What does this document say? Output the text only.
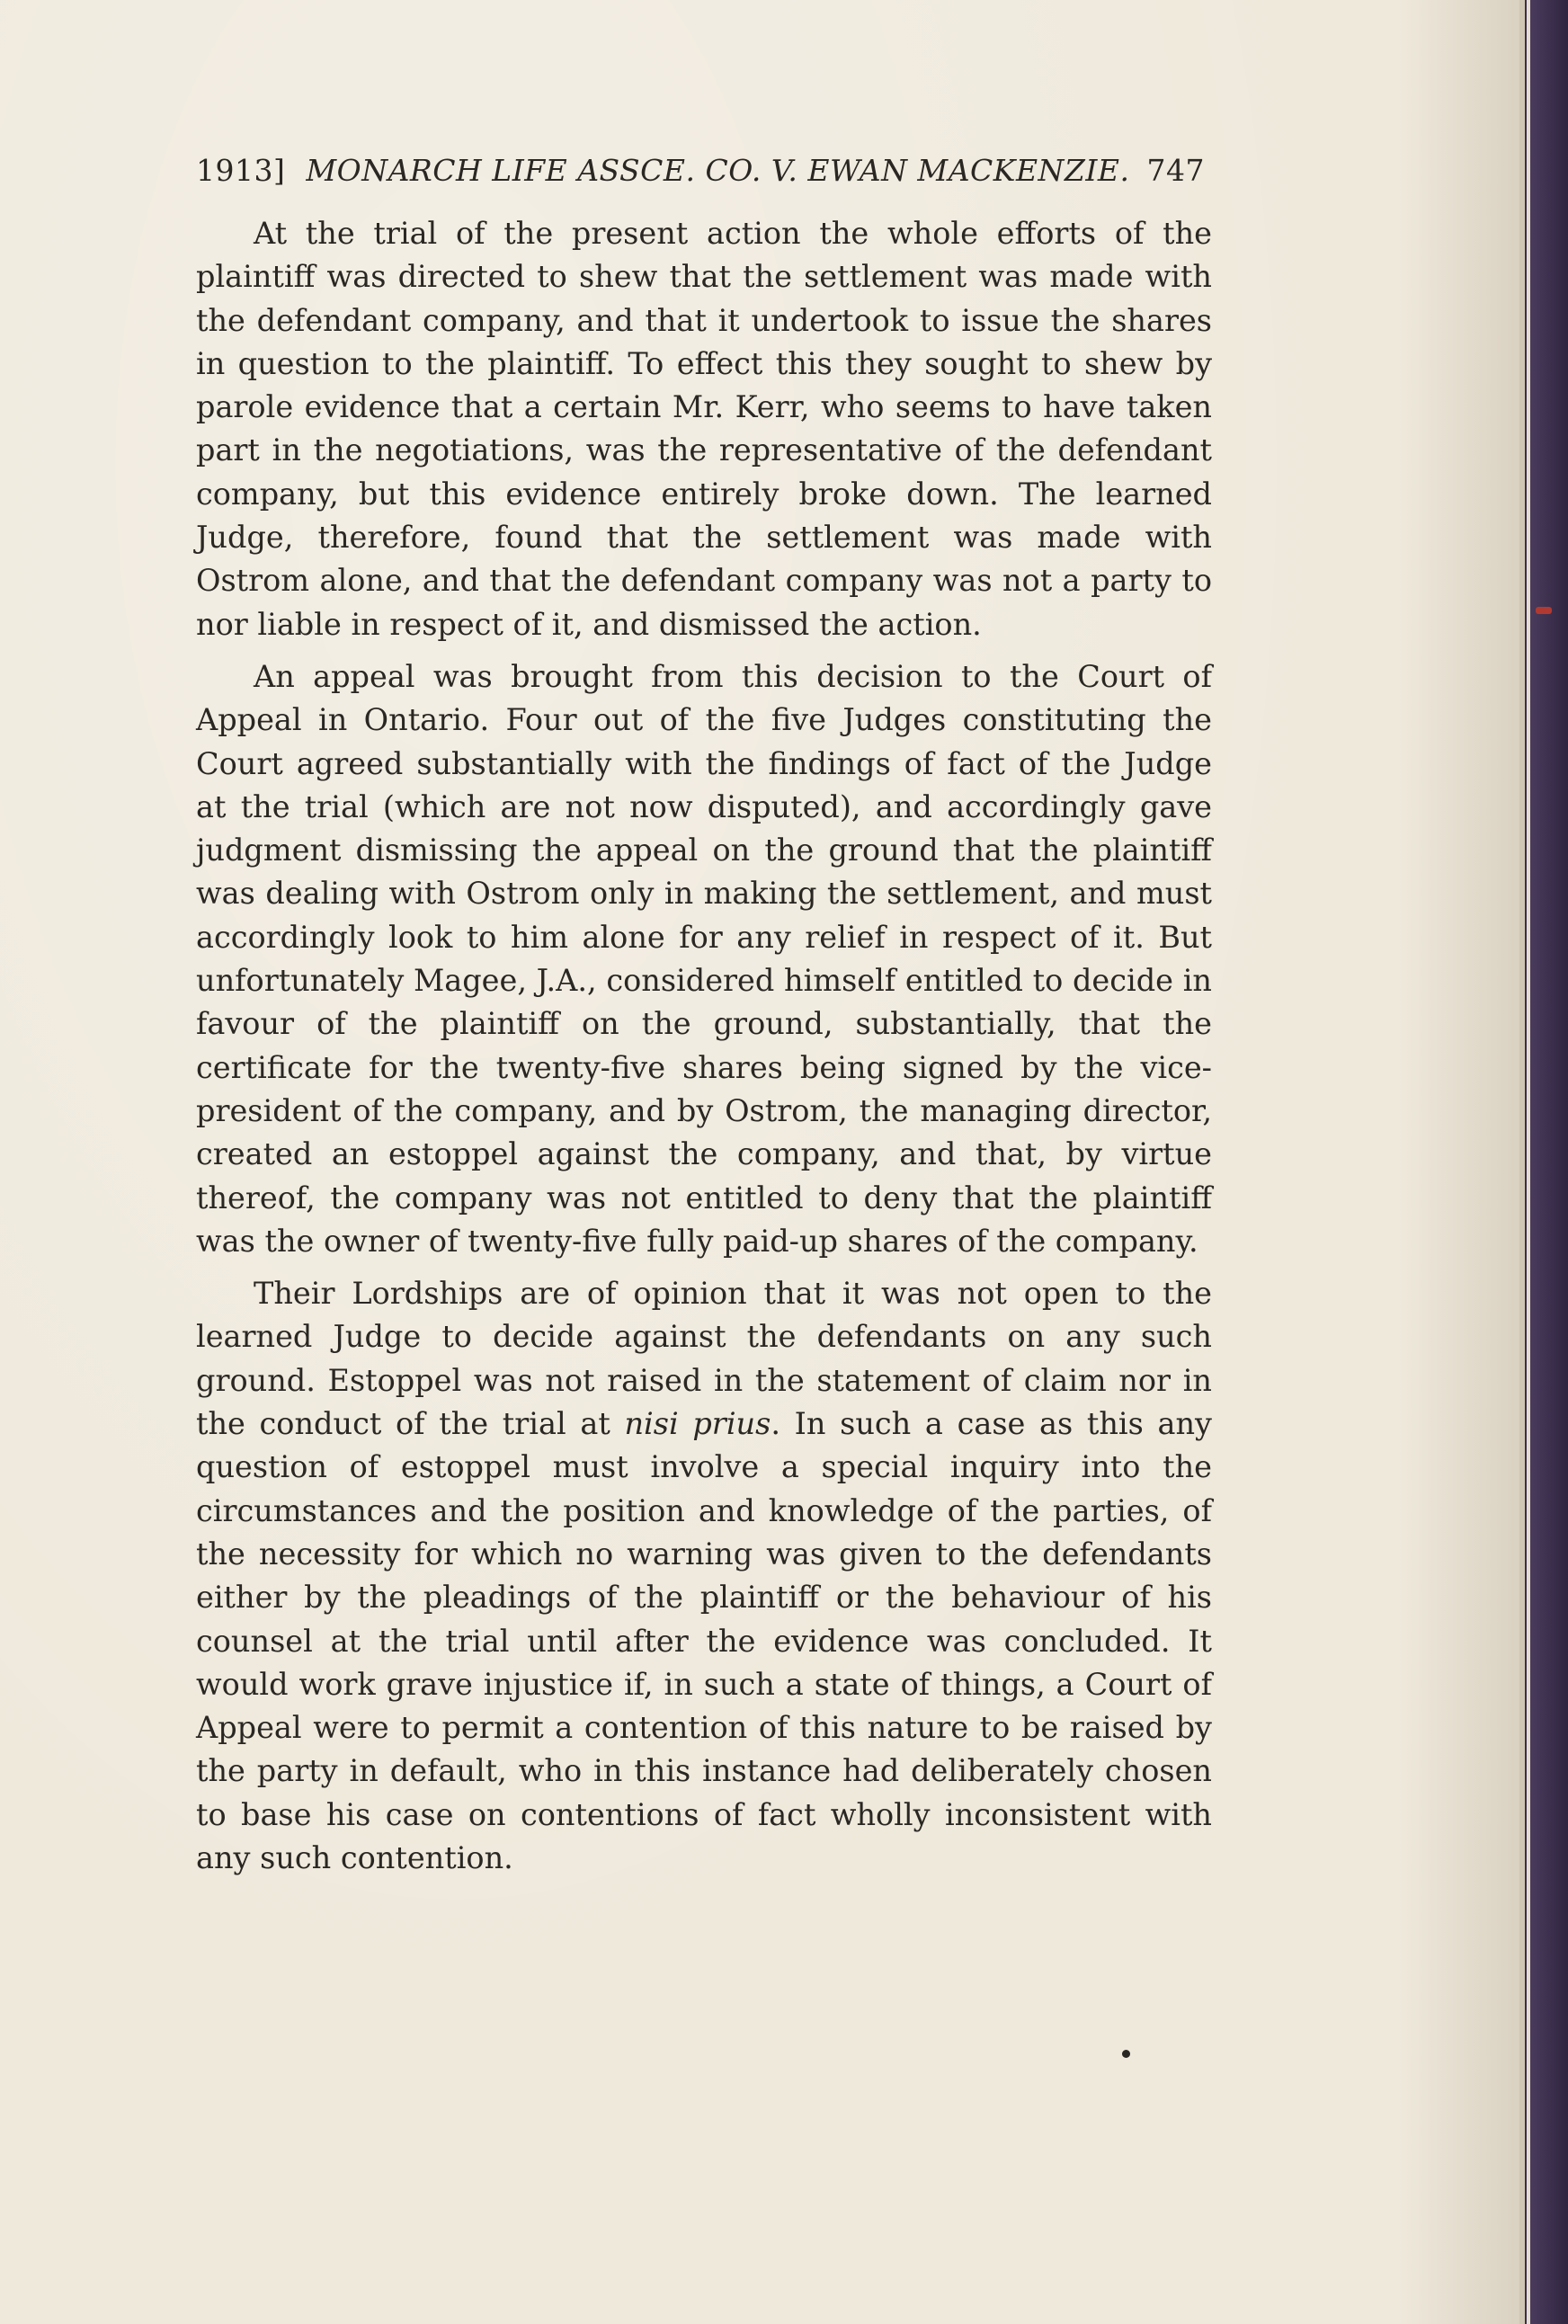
1913] MONARCH LIFE ASSCE. CO. V. EWAN MACKENZIE. 747

At the trial of the present action the whole efforts of the plaintiff was directed to shew that the settlement was made with the defendant company, and that it undertook to issue the shares in question to the plaintiff. To effect this they sought to shew by parole evidence that a certain Mr. Kerr, who seems to have taken part in the negotiations, was the representative of the defendant company, but this evidence entirely broke down. The learned Judge, therefore, found that the settlement was made with Ostrom alone, and that the defendant company was not a party to nor liable in respect of it, and dismissed the action.

An appeal was brought from this decision to the Court of Appeal in Ontario. Four out of the five Judges constituting the Court agreed substantially with the findings of fact of the Judge at the trial (which are not now disputed), and accordingly gave judgment dismissing the appeal on the ground that the plaintiff was dealing with Ostrom only in making the settlement, and must accordingly look to him alone for any relief in respect of it. But unfortunately Magee, J.A., considered himself entitled to decide in favour of the plaintiff on the ground, substantially, that the certificate for the twenty-five shares being signed by the vice-president of the company, and by Ostrom, the managing director, created an estoppel against the company, and that, by virtue thereof, the company was not entitled to deny that the plaintiff was the owner of twenty-five fully paid-up shares of the company.

Their Lordships are of opinion that it was not open to the learned Judge to decide against the defendants on any such ground. Estoppel was not raised in the statement of claim nor in the conduct of the trial at nisi prius. In such a case as this any question of estoppel must involve a special inquiry into the circumstances and the position and knowledge of the parties, of the necessity for which no warning was given to the defendants either by the pleadings of the plaintiff or the behaviour of his counsel at the trial until after the evidence was concluded. It would work grave injustice if, in such a state of things, a Court of Appeal were to permit a contention of this nature to be raised by the party in default, who in this instance had deliberately chosen to base his case on contentions of fact wholly inconsistent with any such contention.
